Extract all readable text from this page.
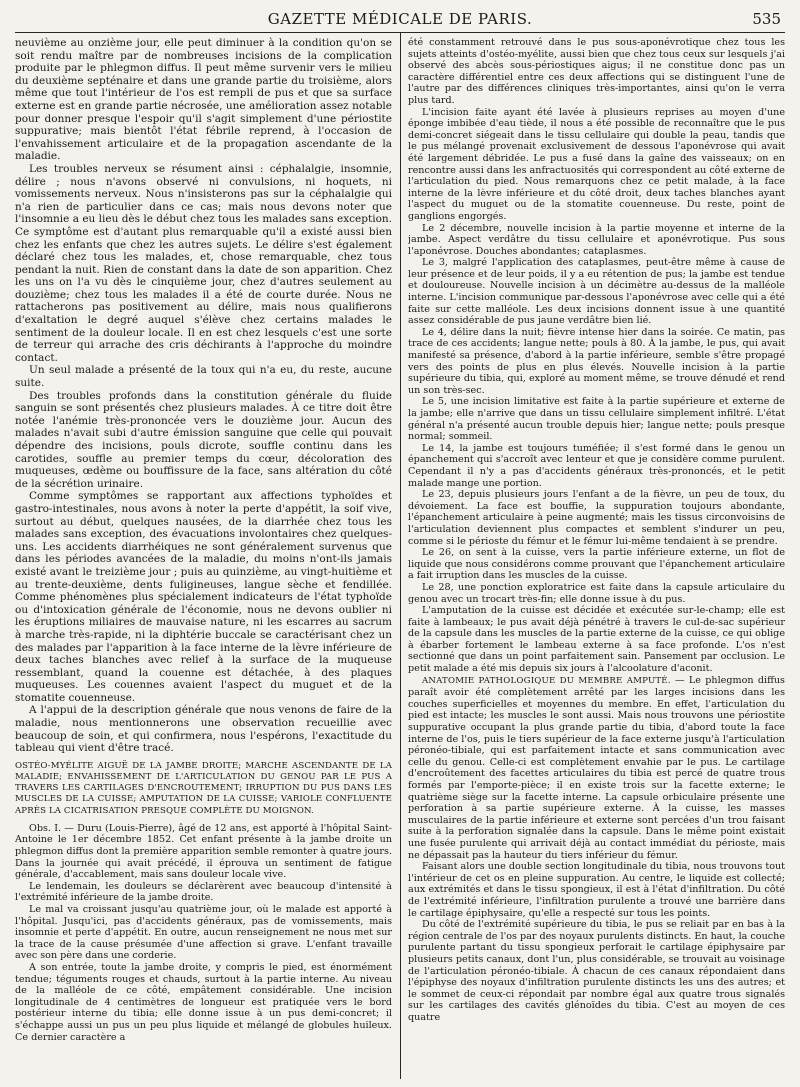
GAZETTE MÉDICALE DE PARIS.	535

neuvième au onzième jour, elle peut diminuer à la condition qu'on se soit rendu maître par de nombreuses incisions de la complication produite par le phlegmon diffus. Il peut même survenir vers le milieu du deuxième septénaire et dans une grande partie du troisième, alors même que tout l'intérieur de l'os est rempli de pus et que sa surface externe est en grande partie nécrosée, une amélioration assez notable pour donner presque l'espoir qu'il s'agit simplement d'une périostite suppurative; mais bientôt l'état fébrile reprend, à l'occasion de l'envahissement articulaire et de la propagation ascendante de la maladie.

Les troubles nerveux se résument ainsi : céphalalgie, insomnie, délire ; nous n'avons observé ni convulsions, ni hoquets, ni vomissements nerveux. Nous n'insisterons pas sur la céphalalgie qui n'a rien de particulier dans ce cas; mais nous devons noter que l'insomnie a eu lieu dès le début chez tous les malades sans exception. Ce symptôme est d'autant plus remarquable qu'il a existé aussi bien chez les enfants que chez les autres sujets. Le délire s'est également déclaré chez tous les malades, et, chose remarquable, chez tous pendant la nuit. Rien de constant dans la date de son apparition. Chez les uns on l'a vu dès le cinquième jour, chez d'autres seulement au douzième; chez tous les malades il a été de courte durée. Nous ne rattacherons pas positivement au délire, mais nous qualifierons d'exaltation le degré auquel s'élève chez certains malades le sentiment de la douleur locale. Il en est chez lesquels c'est une sorte de terreur qui arrache des cris déchirants à l'approche du moindre contact.

Un seul malade a présenté de la toux qui n'a eu, du reste, aucune suite.

Des troubles profonds dans la constitution générale du fluide sanguin se sont présentés chez plusieurs malades. À ce titre doit être notée l'anémie très-prononcée vers le douzième jour. Aucun des malades n'avait subi d'autre émission sanguine que celle qui pouvait dépendre des incisions, pouls dicrote, souffle continu dans les carotides, souffle au premier temps du cœur, décoloration des muqueuses, œdème ou bouffissure de la face, sans altération du côté de la sécrétion urinaire.

Comme symptômes se rapportant aux affections typhoïdes et gastro-intestinales, nous avons à noter la perte d'appétit, la soif vive, surtout au début, quelques nausées, de la diarrhée chez tous les malades sans exception, des évacuations involontaires chez quelques-uns. Les accidents diarrhéiques ne sont généralement survenus que dans les périodes avancées de la maladie, du moins n'ont-ils jamais existé avant le treizième jour ; puis au quinzième, au vingt-huitième et au trente-deuxième, dents fuligineuses, langue sèche et fendillée. Comme phénomènes plus spécialement indicateurs de l'état typhoïde ou d'intoxication générale de l'économie, nous ne devons oublier ni les éruptions miliaires de mauvaise nature, ni les escarres au sacrum à marche très-rapide, ni la diphtérie buccale se caractérisant chez un des malades par l'apparition à la face interne de la lèvre inférieure de deux taches blanches avec relief à la surface de la muqueuse ressemblant, quand la couenne est détachée, à des plaques muqueuses. Les couennes avaient l'aspect du muguet et de la stomatite couenneuse.

A l'appui de la description générale que nous venons de faire de la maladie, nous mentionnerons une observation recueillie avec beaucoup de soin, et qui confirmera, nous l'espérons, l'exactitude du tableau qui vient d'être tracé.

OSTÉO-MYÉLITE AIGUË DE LA JAMBE DROITE; MARCHE ASCENDANTE DE LA MALADIE; ENVAHISSEMENT DE L'ARTICULATION DU GENOU PAR LE PUS A TRAVERS LES CARTILAGES D'ENCROUTEMENT; IRRUPTION DU PUS DANS LES MUSCLES DE LA CUISSE; AMPUTATION DE LA CUISSE; VARIOLE CONFLUENTE APRÈS LA CICATRISATION PRESQUE COMPLÈTE DU MOIGNON.

Obs. I. — Duru (Louis-Pierre), âgé de 12 ans, est apporté à l'hôpital Saint-Antoine le 1er décembre 1852. Cet enfant présente à la jambe droite un phlegmon diffus dont la première apparition semble remonter à quatre jours. Dans la journée qui avait précédé, il éprouva un sentiment de fatigue générale, d'accablement, mais sans douleur locale vive.

Le lendemain, les douleurs se déclarèrent avec beaucoup d'intensité à l'extrémité inférieure de la jambe droite.

Le mal va croissant jusqu'au quatrième jour, où le malade est apporté à l'hôpital. Jusqu'ici, pas d'accidents généraux, pas de vomissements, mais insomnie et perte d'appétit. En outre, aucun renseignement ne nous met sur la trace de la cause présumée d'une affection si grave. L'enfant travaille avec son père dans une corderie.

A son entrée, toute la jambe droite, y compris le pied, est énormément tendue; téguments rouges et chauds, surtout à la partie interne. Au niveau de la malléole de ce côté, empâtement considérable. Une incision longitudinale de 4 centimètres de longueur est pratiquée vers le bord postérieur interne du tibia; elle donne issue à un pus demi-concret; il s'échappe aussi un pus un peu plus liquide et mélangé de globules huileux. Ce dernier caractère a

été constamment retrouvé dans le pus sous-aponévrotique chez tous les sujets atteints d'ostéo-myélite, aussi bien que chez tous ceux sur lesquels j'ai observé des abcès sous-périostiques aigus; il ne constitue donc pas un caractère différentiel entre ces deux affections qui se distinguent l'une de l'autre par des différences cliniques très-importantes, ainsi qu'on le verra plus tard.

L'incision faite ayant été lavée à plusieurs reprises au moyen d'une éponge imbibée d'eau tiède, il nous a été possible de reconnaître que le pus demi-concret siégeait dans le tissu cellulaire qui double la peau, tandis que le pus mélangé provenait exclusivement de dessous l'aponévrose qui avait été largement débridée. Le pus a fusé dans la gaîne des vaisseaux; on en rencontre aussi dans les anfractuosités qui correspondent au côté externe de l'articulation du pied. Nous remarquons chez ce petit malade, à la face interne de la lèvre inférieure et du côté droit, deux taches blanches ayant l'aspect du muguet ou de la stomatite couenneuse. Du reste, point de ganglions engorgés.

Le 2 décembre, nouvelle incision à la partie moyenne et interne de la jambe. Aspect verdâtre du tissu cellulaire et aponévrotique. Pus sous l'aponévrose. Douches abondantes; cataplasmes.

Le 3, malgré l'application des cataplasmes, peut-être même à cause de leur présence et de leur poids, il y a eu rétention de pus; la jambe est tendue et douloureuse. Nouvelle incision à un décimètre au-dessus de la malléole interne. L'incision communique par-dessous l'aponévrose avec celle qui a été faite sur cette malléole. Les deux incisions donnent issue à une quantité assez considérable de pus jaune verdâtre bien lié.

Le 4, délire dans la nuit; fièvre intense hier dans la soirée. Ce matin, pas trace de ces accidents; langue nette; pouls à 80. À la jambe, le pus, qui avait manifesté sa présence, d'abord à la partie inférieure, semble s'être propagé vers des points de plus en plus élevés. Nouvelle incision à la partie supérieure du tibia, qui, exploré au moment même, se trouve dénudé et rend un son très-sec.

Le 5, une incision limitative est faite à la partie supérieure et externe de la jambe; elle n'arrive que dans un tissu cellulaire simplement infiltré. L'état général n'a présenté aucun trouble depuis hier; langue nette; pouls presque normal; sommeil.

Le 14, la jambe est toujours tuméfiée; il s'est formé dans le genou un épanchement qui s'accroît avec lenteur et que je considère comme purulent. Cependant il n'y a pas d'accidents généraux très-prononcés, et le petit malade mange une portion.

Le 23, depuis plusieurs jours l'enfant a de la fièvre, un peu de toux, du dévoiement. La face est bouffie, la suppuration toujours abondante, l'épanchement articulaire à peine augmenté; mais les tissus circonvoisins de l'articulation deviennent plus compactes et semblent s'indurer un peu, comme si le périoste du fémur et le fémur lui-même tendaient à se prendre.

Le 26, on sent à la cuisse, vers la partie inférieure externe, un flot de liquide que nous considérons comme prouvant que l'épanchement articulaire a fait irruption dans les muscles de la cuisse.

Le 28, une ponction exploratrice est faite dans la capsule articulaire du genou avec un trocart très-fin; elle donne issue à du pus.

L'amputation de la cuisse est décidée et exécutée sur-le-champ; elle est faite à lambeaux; le pus avait déjà pénétré à travers le cul-de-sac supérieur de la capsule dans les muscles de la partie externe de la cuisse, ce qui oblige à ébarber fortement le lambeau externe à sa face profonde. L'os n'est sectionné que dans un point parfaitement sain. Pansement par occlusion. Le petit malade a été mis depuis six jours à l'alcoolature d'aconit.

ANATOMIE PATHOLOGIQUE DU MEMBRE AMPUTÉ. — Le phlegmon diffus paraît avoir été complètement arrêté par les larges incisions dans les couches superficielles et moyennes du membre. En effet, l'articulation du pied est intacte; les muscles le sont aussi. Mais nous trouvons une périostite suppurative occupant la plus grande partie du tibia, d'abord toute la face interne de l'os, puis le tiers supérieur de la face externe jusqu'à l'articulation péronéo-tibiale, qui est parfaitement intacte et sans communication avec celle du genou. Celle-ci est complètement envahie par le pus. Le cartilage d'encroûtement des facettes articulaires du tibia est percé de quatre trous formés par l'emporte-pièce; il en existe trois sur la facette externe; le quatrième siège sur la facette interne. La capsule orbiculaire présente une perforation à sa partie supérieure externe. À la cuisse, les masses musculaires de la partie inférieure et externe sont percées d'un trou faisant suite à la perforation signalée dans la capsule. Dans le même point existait une fusée purulente qui arrivait déjà au contact immédiat du périoste, mais ne dépassait pas la hauteur du tiers inférieur du fémur.

Faisant alors une double section longitudinale du tibia, nous trouvons tout l'intérieur de cet os en pleine suppuration. Au centre, le liquide est collecté; aux extrémités et dans le tissu spongieux, il est à l'état d'infiltration. Du côté de l'extrémité inférieure, l'infiltration purulente a trouvé une barrière dans le cartilage épiphysaire, qu'elle a respecté sur tous les points.

Du côté de l'extrémité supérieure du tibia, le pus se reliait par en bas à la région centrale de l'os par des noyaux purulents distincts. En haut, la couche purulente partant du tissu spongieux perforait le cartilage épiphysaire par plusieurs petits canaux, dont l'un, plus considérable, se trouvait au voisinage de l'articulation péronéo-tibiale. À chacun de ces canaux répondaient dans l'épiphyse des noyaux d'infiltration purulente distincts les uns des autres; et le sommet de ceux-ci répondait par nombre égal aux quatre trous signalés sur les cartilages des cavités glénoïdes du tibia. C'est au moyen de ces quatre
